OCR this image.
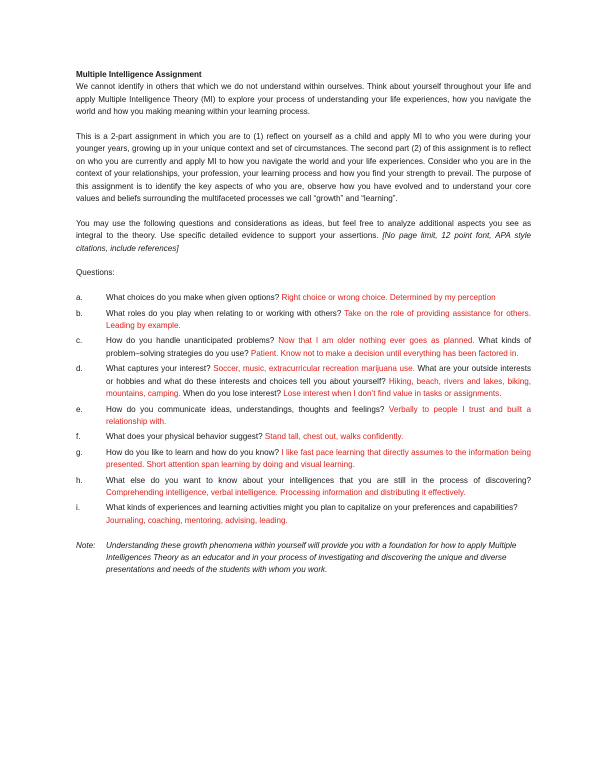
Multiple Intelligence Assignment

We cannot identify in others that which we do not understand within ourselves. Think about yourself throughout your life and apply Multiple Intelligence Theory (MI) to explore your process of understanding your life experiences, how you navigate the world and how you making meaning within your learning process.

This is a 2-part assignment in which you are to (1) reflect on yourself as a child and apply MI to who you were during your younger years, growing up in your unique context and set of circumstances. The second part (2) of this assignment is to reflect on who you are currently and apply MI to how you navigate the world and your life experiences. Consider who you are in the context of your relationships, your profession, your learning process and how you find your strength to prevail. The purpose of this assignment is to identify the key aspects of who you are, observe how you have evolved and to understand your core values and beliefs surrounding the multifaceted processes we call “growth” and “learning”.

You may use the following questions and considerations as ideas, but feel free to analyze additional aspects you see as integral to the theory. Use specific detailed evidence to support your assertions. [No page limit, 12 point font, APA style citations, include references]

Questions:
a.	What choices do you make when given options? Right choice or wrong choice. Determined by my perception
b.	What roles do you play when relating to or working with others? Take on the role of providing assistance for others. Leading by example.
c.	How do you handle unanticipated problems? Now that I am older nothing ever goes as planned. What kinds of problem–solving strategies do you use? Patient. Know not to make a decision until everything has been factored in.
d.	What captures your interest? Soccer, music, extracurricular recreation marijuana use. What are your outside interests or hobbies and what do these interests and choices tell you about yourself? Hiking, beach, rivers and lakes, biking, mountains, camping. When do you lose interest? Lose interest when I don’t find value in tasks or assignments.
e.	How do you communicate ideas, understandings, thoughts and feelings? Verbally to people I trust and built a relationship with.
f.	What does your physical behavior suggest? Stand tall, chest out, walks confidently.
g.	How do you like to learn and how do you know? I like fast pace learning that directly assumes to the information being presented. Short attention span learning by doing and visual learning.
h.	What else do you want to know about your intelligences that you are still in the process of discovering? Comprehending intelligence, verbal intelligence. Processing information and distributing it effectively.
i.	What kinds of experiences and learning activities might you plan to capitalize on your preferences and capabilities?
Journaling, coaching, mentoring, advising, leading.
Note: Understanding these growth phenomena within yourself will provide you with a foundation for how to apply Multiple Intelligences Theory as an educator and in your process of investigating and discovering the unique and diverse presentations and needs of the students with whom you work.
